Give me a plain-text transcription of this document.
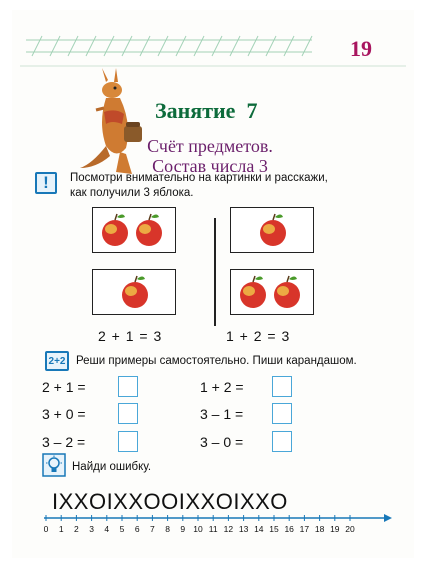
19
Занятие 7
Счёт предметов.
Состав числа 3
! Посмотри внимательно на картинки и расскажи,
как получили 3 яблока.
2 + 1 = 3	1 + 2 = 3
2+2 Реши примеры самостоятельно. Пиши карандашом.
2 + 1 =
3 + 0 =
3 – 2 =
1 + 2 =
3 – 1 =
3 – 0 =
Найди ошибку.
IXXOIXXOOIXXOIXXO
0 1 2 3 4 5 6 7 8 9 10 11 12 13 14 15 16 17 18 19 20
